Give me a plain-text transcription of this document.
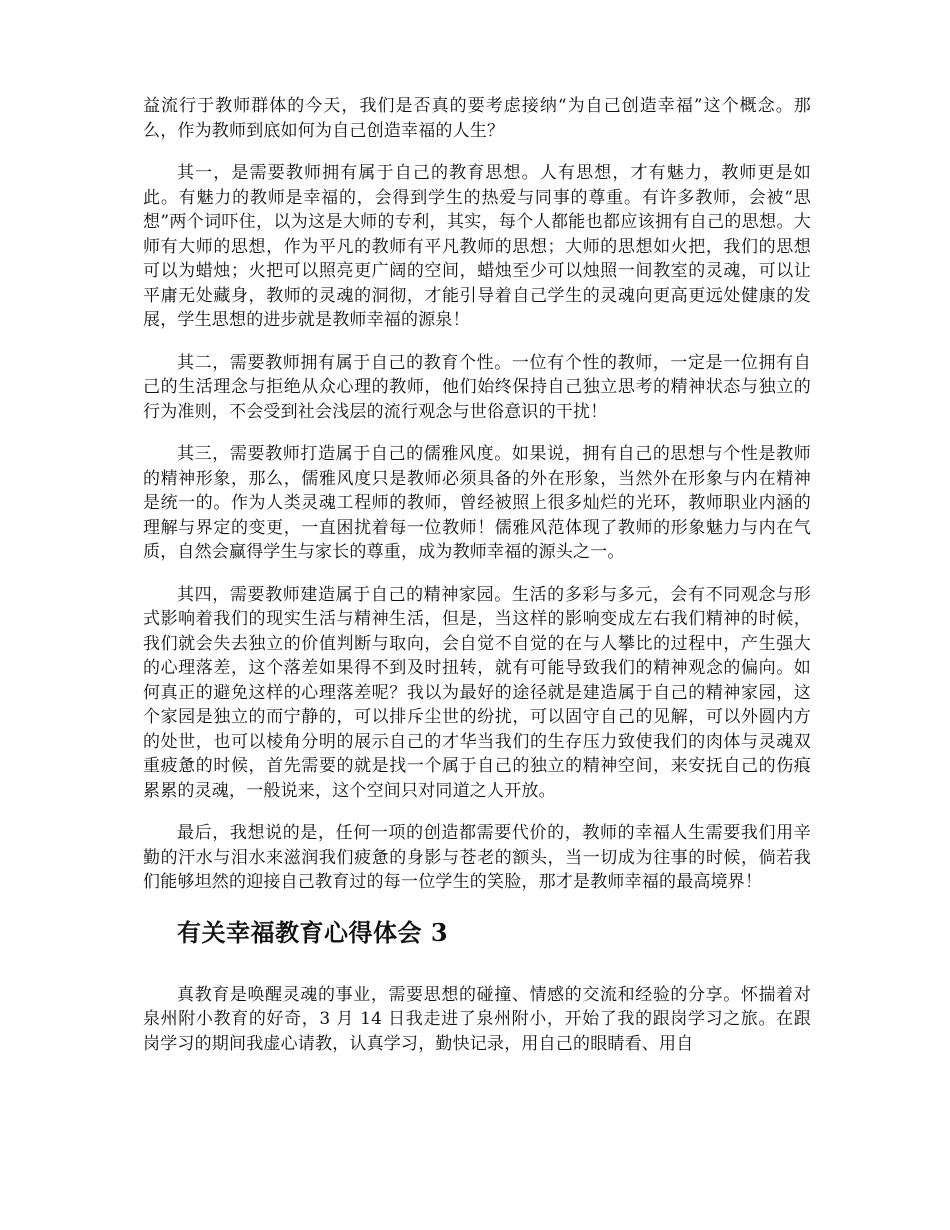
益流行于教师群体的今天，我们是否真的要考虑接纳“为自己创造幸福”这个概念。那么，作为教师到底如何为自己创造幸福的人生？

其一，是需要教师拥有属于自己的教育思想。人有思想，才有魅力，教师更是如此。有魅力的教师是幸福的，会得到学生的热爱与同事的尊重。有许多教师，会被“思想”两个词吓住，以为这是大师的专利，其实，每个人都能也都应该拥有自己的思想。大师有大师的思想，作为平凡的教师有平凡教师的思想；大师的思想如火把，我们的思想可以为蜡烛；火把可以照亮更广阔的空间，蜡烛至少可以烛照一间教室的灵魂，可以让平庸无处藏身，教师的灵魂的洞彻，才能引导着自己学生的灵魂向更高更远处健康的发展，学生思想的进步就是教师幸福的源泉！

其二，需要教师拥有属于自己的教育个性。一位有个性的教师，一定是一位拥有自己的生活理念与拒绝从众心理的教师，他们始终保持自己独立思考的精神状态与独立的行为准则，不会受到社会浅层的流行观念与世俗意识的干扰！

其三，需要教师打造属于自己的儒雅风度。如果说，拥有自己的思想与个性是教师的精神形象，那么，儒雅风度只是教师必须具备的外在形象，当然外在形象与内在精神是统一的。作为人类灵魂工程师的教师，曾经被照上很多灿烂的光环，教师职业内涵的理解与界定的变更，一直困扰着每一位教师！儒雅风范体现了教师的形象魅力与内在气质，自然会赢得学生与家长的尊重，成为教师幸福的源头之一。

其四，需要教师建造属于自己的精神家园。生活的多彩与多元，会有不同观念与形式影响着我们的现实生活与精神生活，但是，当这样的影响变成左右我们精神的时候，我们就会失去独立的价值判断与取向，会自觉不自觉的在与人攀比的过程中，产生强大的心理落差，这个落差如果得不到及时扭转，就有可能导致我们的精神观念的偏向。如何真正的避免这样的心理落差呢？我以为最好的途径就是建造属于自己的精神家园，这个家园是独立的而宁静的，可以排斥尘世的纷扰，可以固守自己的见解，可以外圆内方的处世，也可以棱角分明的展示自己的才华当我们的生存压力致使我们的肉体与灵魂双重疲惫的时候，首先需要的就是找一个属于自己的独立的精神空间，来安抚自己的伤痕累累的灵魂，一般说来，这个空间只对同道之人开放。

最后，我想说的是，任何一项的创造都需要代价的，教师的幸福人生需要我们用辛勤的汗水与泪水来滋润我们疲惫的身影与苍老的额头，当一切成为往事的时候，倘若我们能够坦然的迎接自己教育过的每一位学生的笑脸，那才是教师幸福的最高境界！

有关幸福教育心得体会 3

真教育是唤醒灵魂的事业，需要思想的碰撞、情感的交流和经验的分享。怀揣着对泉州附小教育的好奇，3 月 14 日我走进了泉州附小，开始了我的跟岗学习之旅。在跟岗学习的期间我虚心请教，认真学习，勤快记录，用自己的眼睛看、用自
